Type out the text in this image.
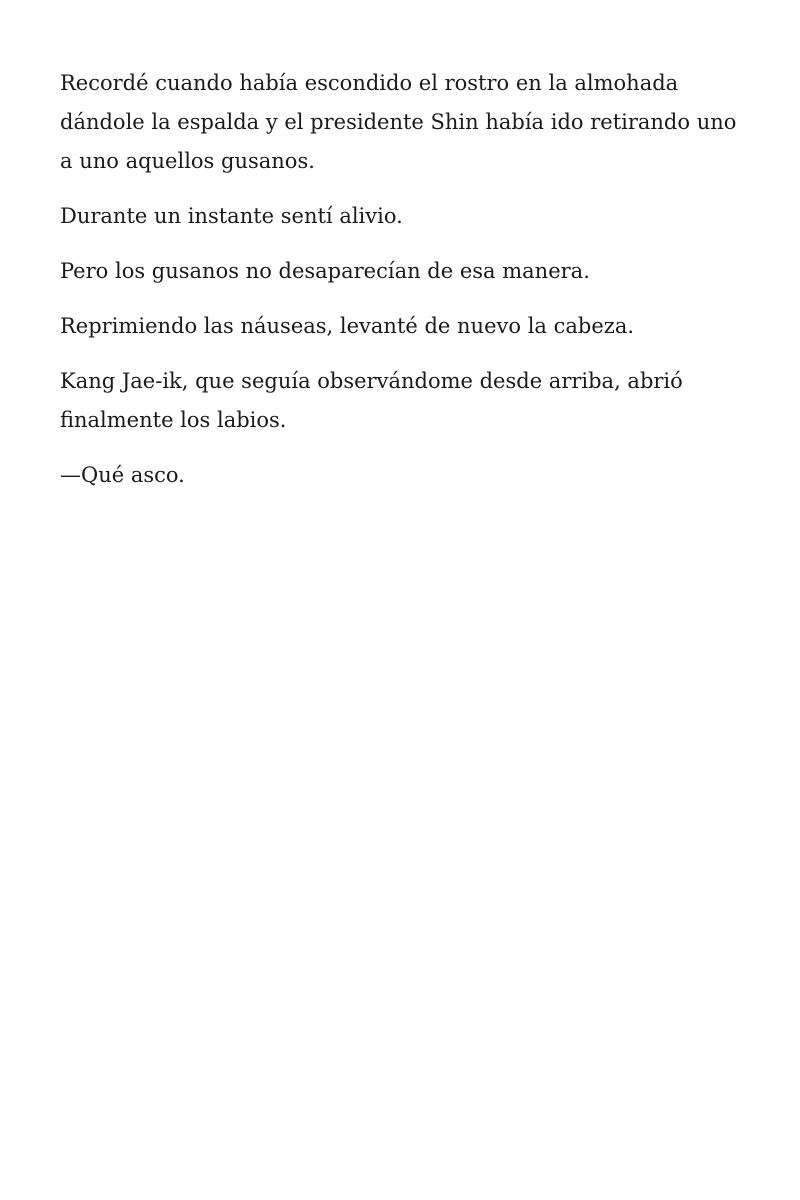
Recordé cuando había escondido el rostro en la almohada dándole la espalda y el presidente Shin había ido retirando uno a uno aquellos gusanos.

Durante un instante sentí alivio.

Pero los gusanos no desaparecían de esa manera.

Reprimiendo las náuseas, levanté de nuevo la cabeza.

Kang Jae-ik, que seguía observándome desde arriba, abrió finalmente los labios.

—Qué asco.
